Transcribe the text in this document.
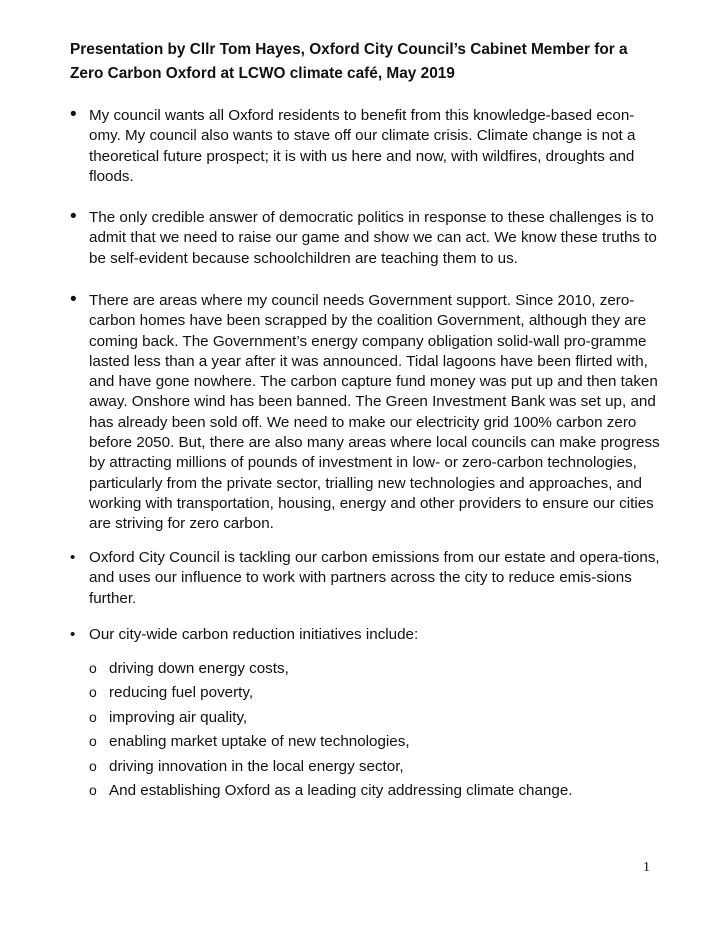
Presentation by Cllr Tom Hayes, Oxford City Council’s Cabinet Member for a Zero Carbon Oxford at LCWO climate café, May 2019

• My council wants all Oxford residents to benefit from this knowledge-based econ-omy. My council also wants to stave off our climate crisis. Climate change is not a theoretical future prospect; it is with us here and now, with wildfires, droughts and floods.
• The only credible answer of democratic politics in response to these challenges is to admit that we need to raise our game and show we can act. We know these truths to be self-evident because schoolchildren are teaching them to us.
• There are areas where my council needs Government support. Since 2010, zero-carbon homes have been scrapped by the coalition Government, although they are coming back. The Government’s energy company obligation solid-wall pro-gramme lasted less than a year after it was announced. Tidal lagoons have been flirted with, and have gone nowhere. The carbon capture fund money was put up and then taken away. Onshore wind has been banned. The Green Investment Bank was set up, and has already been sold off. We need to make our electricity grid 100% carbon zero before 2050. But, there are also many areas where local councils can make progress by attracting millions of pounds of investment in low- or zero-carbon technologies, particularly from the private sector, trialling new technologies and approaches, and working with transportation, housing, energy and other providers to ensure our cities are striving for zero carbon.
• Oxford City Council is tackling our carbon emissions from our estate and opera-tions, and uses our influence to work with partners across the city to reduce emis-sions further.
• Our city-wide carbon reduction initiatives include:
o driving down energy costs,
o reducing fuel poverty,
o improving air quality,
o enabling market uptake of new technologies,
o driving innovation in the local energy sector,
o And establishing Oxford as a leading city addressing climate change.
1
